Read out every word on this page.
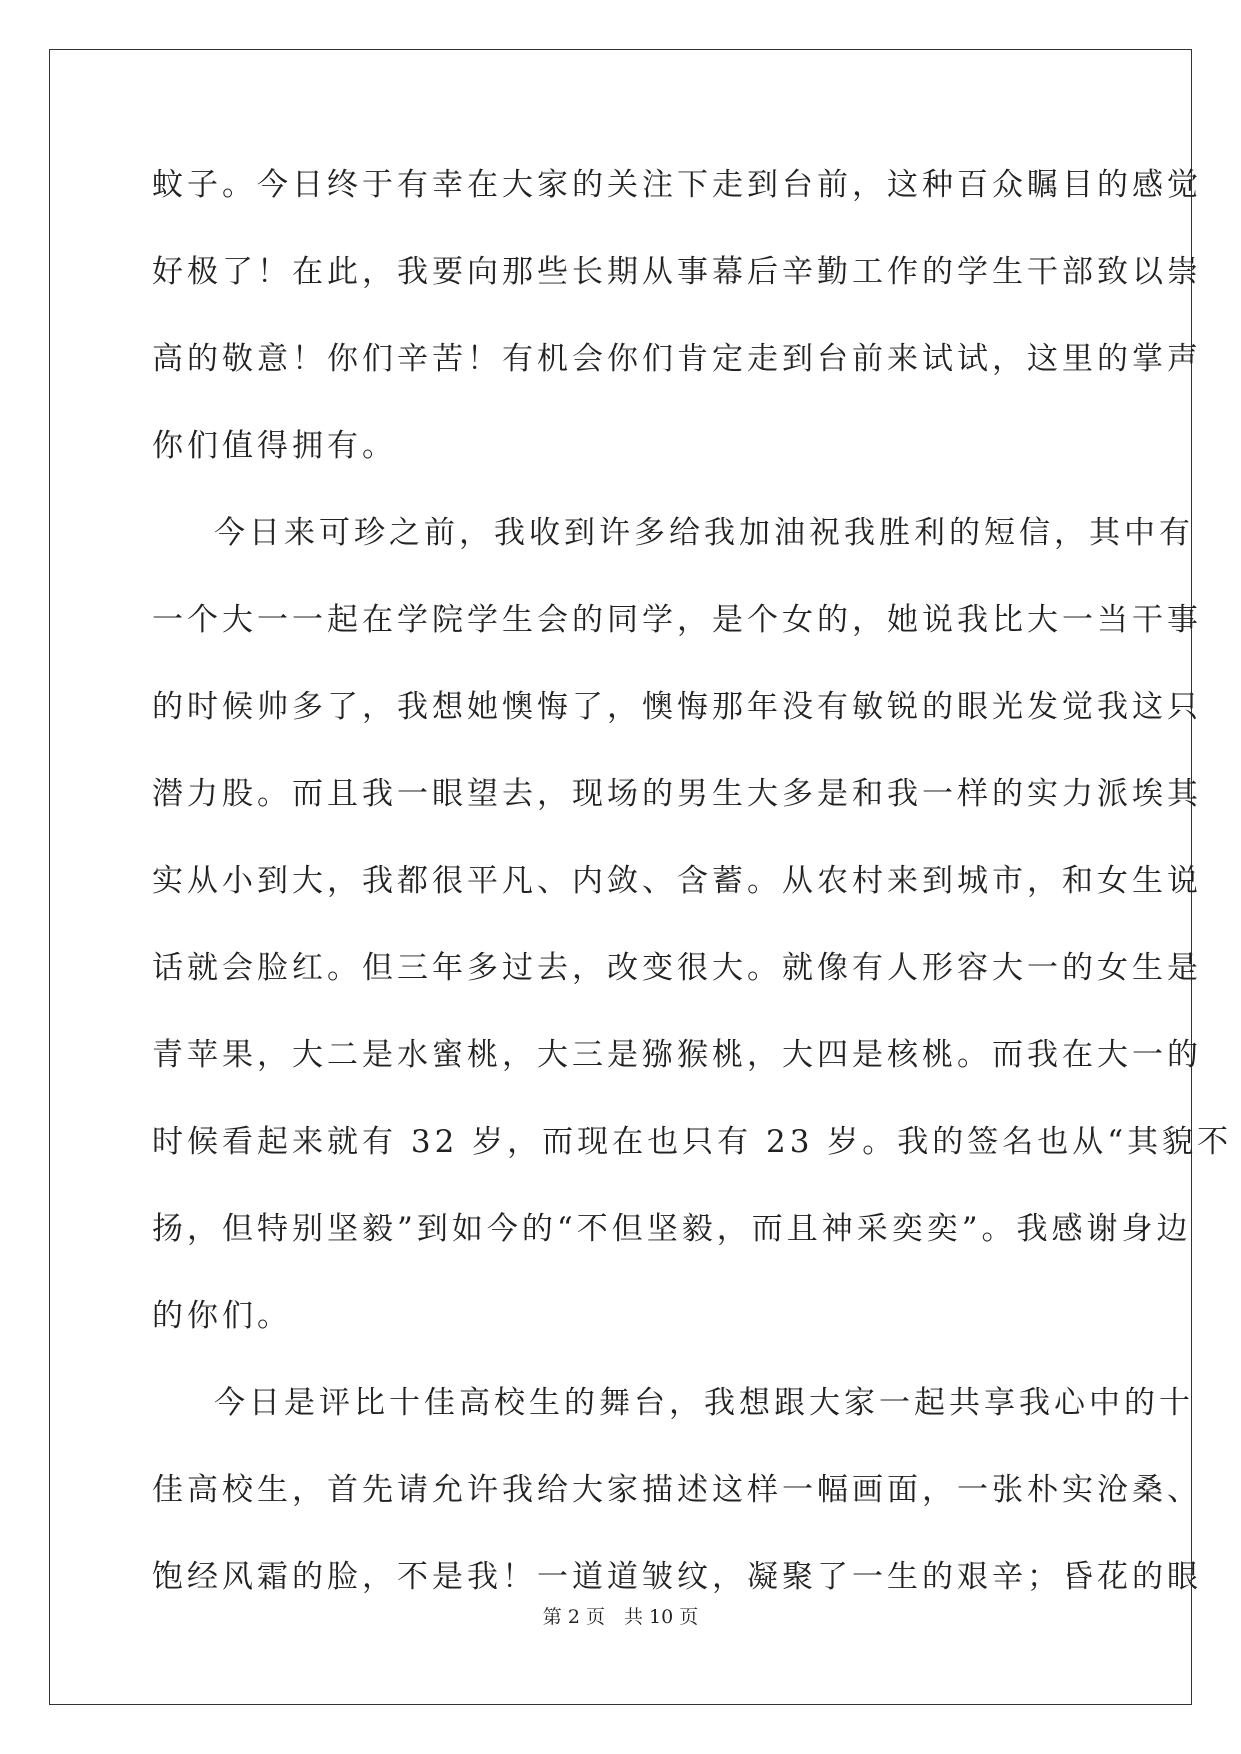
蚊子。今日终于有幸在大家的关注下走到台前，这种百众瞩目的感觉
好极了！在此，我要向那些长期从事幕后辛勤工作的学生干部致以崇
高的敬意！你们辛苦！有机会你们肯定走到台前来试试，这里的掌声
你们值得拥有。
今日来可珍之前，我收到许多给我加油祝我胜利的短信，其中有
一个大一一起在学院学生会的同学，是个女的，她说我比大一当干事
的时候帅多了，我想她懊悔了，懊悔那年没有敏锐的眼光发觉我这只
潜力股。而且我一眼望去，现场的男生大多是和我一样的实力派埃其
实从小到大，我都很平凡、内敛、含蓄。从农村来到城市，和女生说
话就会脸红。但三年多过去，改变很大。就像有人形容大一的女生是
青苹果，大二是水蜜桃，大三是猕猴桃，大四是核桃。而我在大一的
时候看起来就有 32 岁，而现在也只有 23 岁。我的签名也从“其貌不
扬，但特别坚毅”到如今的“不但坚毅，而且神采奕奕”。我感谢身边
的你们。
今日是评比十佳高校生的舞台，我想跟大家一起共享我心中的十
佳高校生，首先请允许我给大家描述这样一幅画面，一张朴实沧桑、
饱经风霜的脸，不是我！一道道皱纹，凝聚了一生的艰辛；昏花的眼
第 2 页　共 10 页
